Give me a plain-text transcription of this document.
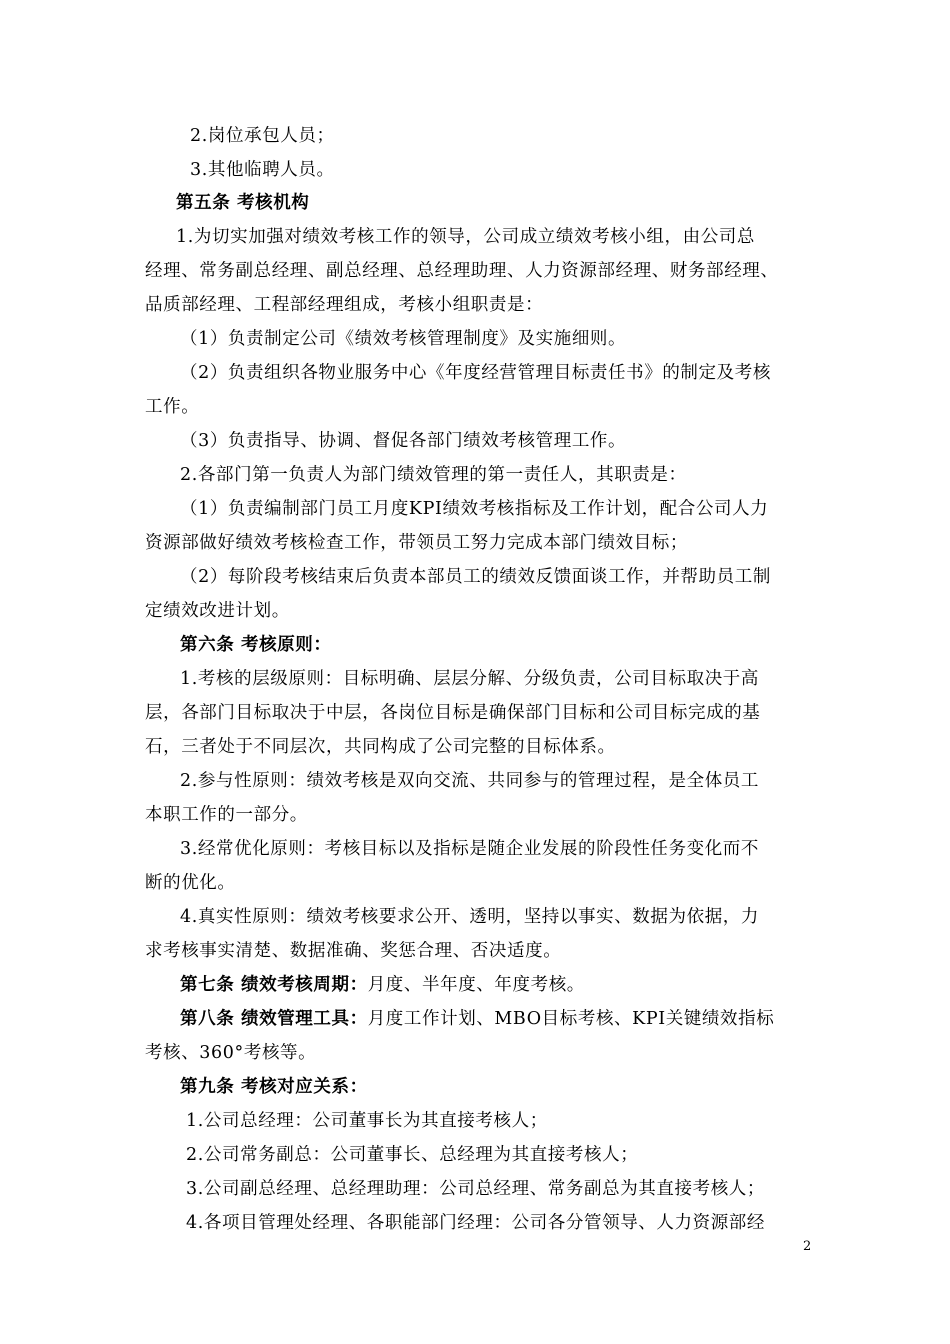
2.岗位承包人员；
3.其他临聘人员。
第五条 考核机构
1.为切实加强对绩效考核工作的领导，公司成立绩效考核小组，由公司总
经理、常务副总经理、副总经理、总经理助理、人力资源部经理、财务部经理、
品质部经理、工程部经理组成，考核小组职责是：
（1）负责制定公司《绩效考核管理制度》及实施细则。
（2）负责组织各物业服务中心《年度经营管理目标责任书》的制定及考核
工作。
（3）负责指导、协调、督促各部门绩效考核管理工作。
2.各部门第一负责人为部门绩效管理的第一责任人，其职责是：
（1）负责编制部门员工月度KPI绩效考核指标及工作计划，配合公司人力
资源部做好绩效考核检查工作，带领员工努力完成本部门绩效目标；
（2）每阶段考核结束后负责本部员工的绩效反馈面谈工作，并帮助员工制
定绩效改进计划。
第六条 考核原则：
1.考核的层级原则：目标明确、层层分解、分级负责，公司目标取决于高
层，各部门目标取决于中层，各岗位目标是确保部门目标和公司目标完成的基
石，三者处于不同层次，共同构成了公司完整的目标体系。
2.参与性原则：绩效考核是双向交流、共同参与的管理过程，是全体员工
本职工作的一部分。
3.经常优化原则：考核目标以及指标是随企业发展的阶段性任务变化而不
断的优化。
4.真实性原则：绩效考核要求公开、透明，坚持以事实、数据为依据，力
求考核事实清楚、数据准确、奖惩合理、否决适度。
第七条 绩效考核周期：月度、半年度、年度考核。
第八条 绩效管理工具：月度工作计划、MBO目标考核、KPI关键绩效指标
考核、360°考核等。
第九条 考核对应关系：
1.公司总经理：公司董事长为其直接考核人；
2.公司常务副总：公司董事长、总经理为其直接考核人；
3.公司副总经理、总经理助理：公司总经理、常务副总为其直接考核人；
4.各项目管理处经理、各职能部门经理：公司各分管领导、人力资源部经
2
